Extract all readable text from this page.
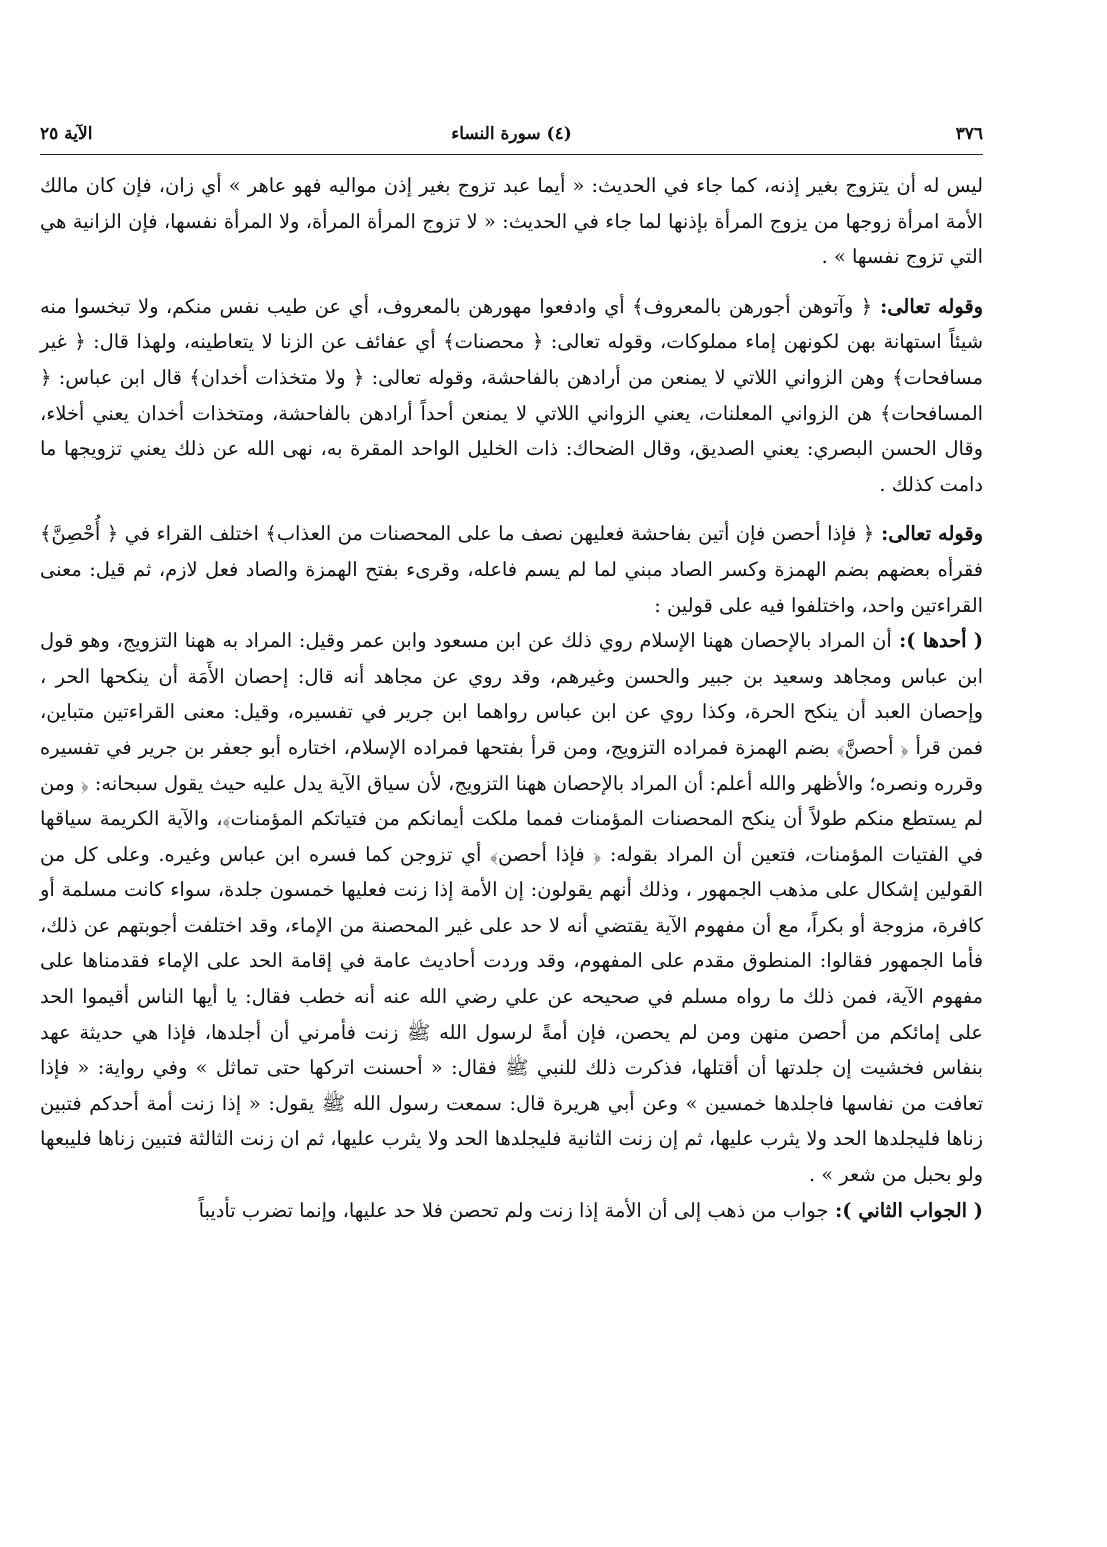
٣٧٦
(٤) سورة النساء
الآية ٢٥

ليس له أن يتزوج بغير إذنه، كما جاء في الحديث: « أيما عبد تزوج بغير إذن مواليه فهو عاهر » أي زان، فإن كان مالك الأمة امرأة زوجها من يزوج المرأة بإذنها لما جاء في الحديث: « لا تزوج المرأة المرأة، ولا المرأة نفسها، فإن الزانية هي التي تزوج نفسها » .

وقوله تعالى: ﴿ وآتوهن أجورهن بالمعروف﴾ أي وادفعوا مهورهن بالمعروف، أي عن طيب نفس منكم، ولا تبخسوا منه شيئاً استهانة بهن لكونهن إماء مملوكات، وقوله تعالى: ﴿ محصنات﴾ أي عفائف عن الزنا لا يتعاطينه، ولهذا قال: ﴿ غير مسافحات﴾ وهن الزواني اللاتي لا يمنعن من أرادهن بالفاحشة، وقوله تعالى: ﴿ ولا متخذات أخدان﴾ قال ابن عباس: ﴿ المسافحات﴾ هن الزواني المعلنات، يعني الزواني اللاتي لا يمنعن أحداً أرادهن بالفاحشة، ومتخذات أخدان يعني أخلاء، وقال الحسن البصري: يعني الصديق، وقال الضحاك: ذات الخليل الواحد المقرة به، نهى الله عن ذلك يعني تزويجها ما دامت كذلك .

وقوله تعالى: ﴿ فإذا أحصن فإن أتين بفاحشة فعليهن نصف ما على المحصنات من العذاب﴾ اختلف القراء في ﴿ أُحْصِنَّ﴾ فقرأه بعضهم بضم الهمزة وكسر الصاد مبني لما لم يسم فاعله، وقرىء بفتح الهمزة والصاد فعل لازم، ثم قيل: معنى القراءتين واحد، واختلفوا فيه على قولين :

( أحدها ): أن المراد بالإحصان ههنا الإسلام روي ذلك عن ابن مسعود وابن عمر وقيل: المراد به ههنا التزويج، وهو قول ابن عباس ومجاهد وسعيد بن جبير والحسن وغيرهم، وقد روي عن مجاهد أنه قال: إحصان الأَمَة أن ينكحها الحر ، وإحصان العبد أن ينكح الحرة، وكذا روي عن ابن عباس رواهما ابن جرير في تفسيره، وقيل: معنى القراءتين متباين، فمن قرأ ﴿ أحصنَّ﴾ بضم الهمزة فمراده التزويج، ومن قرأ بفتحها فمراده الإسلام، اختاره أبو جعفر بن جرير في تفسيره وقرره ونصره؛ والأظهر والله أعلم: أن المراد بالإحصان ههنا التزويج، لأن سياق الآية يدل عليه حيث يقول سبحانه: ﴿ ومن لم يستطع منكم طولاً أن ينكح المحصنات المؤمنات فمما ملكت أيمانكم من فتياتكم المؤمنات﴾، والآية الكريمة سياقها في الفتيات المؤمنات، فتعين أن المراد بقوله: ﴿ فإذا أحصن﴾ أي تزوجن كما فسره ابن عباس وغيره. وعلى كل من القولين إشكال على مذهب الجمهور ، وذلك أنهم يقولون: إن الأمة إذا زنت فعليها خمسون جلدة، سواء كانت مسلمة أو كافرة، مزوجة أو بكراً، مع أن مفهوم الآية يقتضي أنه لا حد على غير المحصنة من الإماء، وقد اختلفت أجوبتهم عن ذلك، فأما الجمهور فقالوا: المنطوق مقدم على المفهوم، وقد وردت أحاديث عامة في إقامة الحد على الإماء فقدمناها على مفهوم الآية، فمن ذلك ما رواه مسلم في صحيحه عن علي رضي الله عنه أنه خطب فقال: يا أيها الناس أقيموا الحد على إمائكم من أحصن منهن ومن لم يحصن، فإن أمةً لرسول الله ﷺ زنت فأمرني أن أجلدها، فإذا هي حديثة عهد بنفاس فخشيت إن جلدتها أن أقتلها، فذكرت ذلك للنبي ﷺ فقال: « أحسنت اتركها حتى تماثل » وفي رواية: « فإذا تعافت من نفاسها فاجلدها خمسين » وعن أبي هريرة قال: سمعت رسول الله ﷺ يقول: « إذا زنت أمة أحدكم فتبين زناها فليجلدها الحد ولا يثرب عليها، ثم إن زنت الثانية فليجلدها الحد ولا يثرب عليها، ثم ان زنت الثالثة فتبين زناها فليبعها ولو بحبل من شعر » .

( الجواب الثاني ): جواب من ذهب إلى أن الأمة إذا زنت ولم تحصن فلا حد عليها، وإنما تضرب تأديباً
